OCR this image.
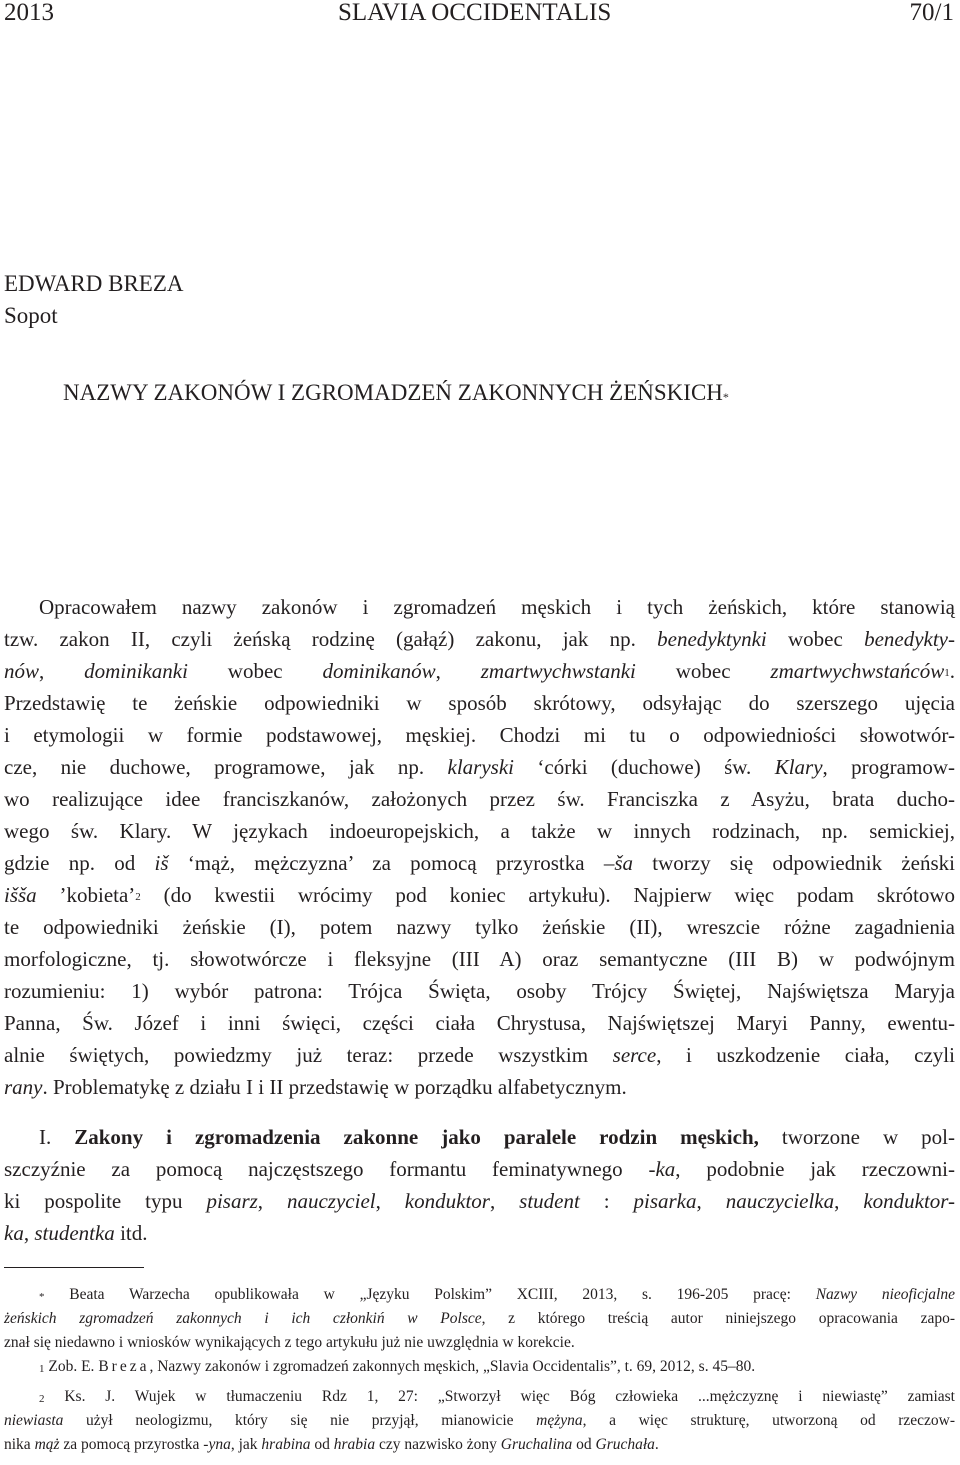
2013	SLAVIA OCCIDENTALIS	70/1
EDWARD BREZA
Sopot
NAZWY ZAKONÓW I ZGROMADZEŃ ZAKONNYCH ŻEŃSKICH*
Opracowałem nazwy zakonów i zgromadzeń męskich i tych żeńskich, które stanowią
tzw. zakon II, czyli żeńską rodzinę (gałąź) zakonu, jak np. benedyktynki wobec benedykty-
nów, dominikanki wobec dominikanów, zmartwychwstanki wobec zmartwychwstańców$^1$.
Przedstawię te żeńskie odpowiedniki w sposób skrótowy, odsyłając do szerszego ujęcia
i etymologii w formie podstawowej, męskiej. Chodzi mi tu o odpowiedniości słowotwór-
cze, nie duchowe, programowe, jak np. klaryski ‘córki (duchowe) św. Klary, programow-
wo realizujące idee franciszkanów, założonych przez św. Franciszka z Asyżu, brata ducho-
wego św. Klary. W językach indoeuropejskich, a także w innych rodzinach, np. semickiej,
gdzie np. od iš ‘mąż, mężczyzna’ za pomocą przyrostka –ša tworzy się odpowiednik żeński
išša ’kobieta’$^2$ (do kwestii wrócimy pod koniec artykułu). Najpierw więc podam skrótowo
te odpowiedniki żeńskie (I), potem nazwy tylko żeńskie (II), wreszcie różne zagadnienia
morfologiczne, tj. słowotwórcze i fleksyjne (III A) oraz semantyczne (III B) w podwójnym
rozumieniu: 1) wybór patrona: Trójca Święta, osoby Trójcy Świętej, Najświętsza Maryja
Panna, Św. Józef i inni święci, części ciała Chrystusa, Najświętszej Maryi Panny, ewentu-
alnie świętych, powiedzmy już teraz: przede wszystkim serce, i uszkodzenie ciała, czyli
rany. Problematykę z działu I i II przedstawię w porządku alfabetycznym.
I. Zakony i zgromadzenia zakonne jako paralele rodzin męskich, tworzone w pol-
szczyźnie za pomocą najczęstszego formantu feminatywnego -ka, podobnie jak rzeczowni-
ki pospolite typu pisarz, nauczyciel, konduktor, student : pisarka, nauczycielka, konduktor-
ka, studentka itd.
* Beata Warzecha opublikowała w „Języku Polskim” XCIII, 2013, s. 196-205 pracę: Nazwy nieoficjalne
żeńskich zgromadzeń zakonnych i ich członkiń w Polsce, z którego treścią autor niniejszego opracowania zapo-
znał się niedawno i wniosków wynikających z tego artykułu już nie uwzględnia w korekcie.
$^1$ Zob. E. Breza, Nazwy zakonów i zgromadzeń zakonnych męskich, „Slavia Occidentalis”, t. 69, 2012, s. 45–80.
$^2$ Ks. J. Wujek w tłumaczeniu Rdz 1, 27: „Stworzył więc Bóg człowieka ...mężczyznę i niewiastę” zamiast
niewiasta użył neologizmu, który się nie przyjął, mianowicie mężyna, a więc strukturę, utworzoną od rzeczow-
nika mąż za pomocą przyrostka -yna, jak hrabina od hrabia czy nazwisko żony Gruchalina od Gruchała.
